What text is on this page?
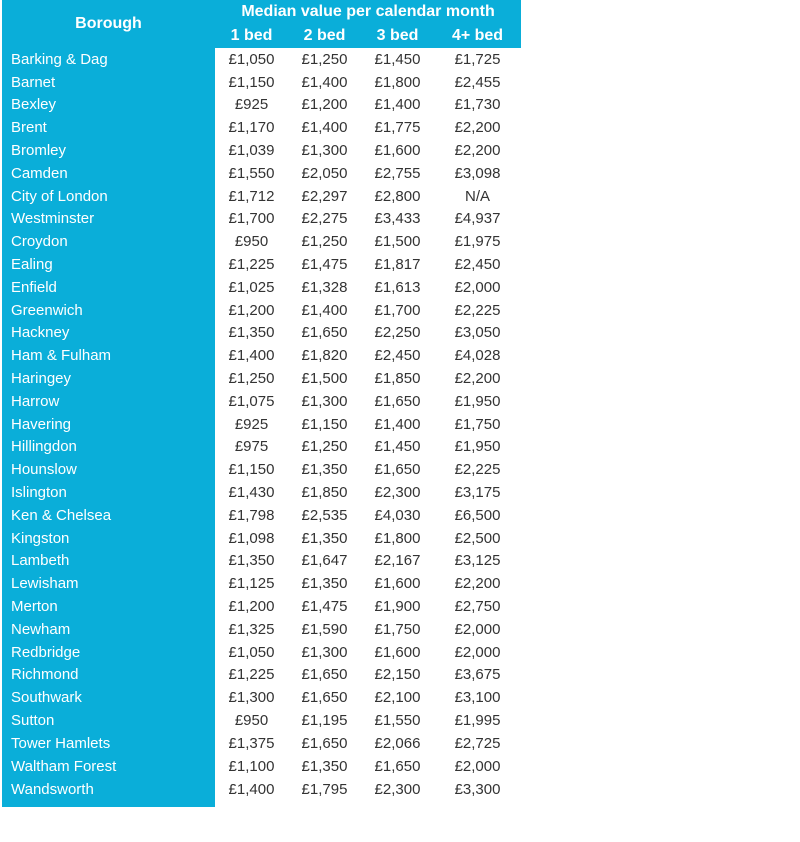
Borough	Median value per calendar month			
	1 bed	2 bed	3 bed	4+ bed
Barking & Dag	£1,050	£1,250	£1,450	£1,725
Barnet	£1,150	£1,400	£1,800	£2,455
Bexley	£925	£1,200	£1,400	£1,730
Brent	£1,170	£1,400	£1,775	£2,200
Bromley	£1,039	£1,300	£1,600	£2,200
Camden	£1,550	£2,050	£2,755	£3,098
City of London	£1,712	£2,297	£2,800	N/A
Westminster	£1,700	£2,275	£3,433	£4,937
Croydon	£950	£1,250	£1,500	£1,975
Ealing	£1,225	£1,475	£1,817	£2,450
Enfield	£1,025	£1,328	£1,613	£2,000
Greenwich	£1,200	£1,400	£1,700	£2,225
Hackney	£1,350	£1,650	£2,250	£3,050
Ham & Fulham	£1,400	£1,820	£2,450	£4,028
Haringey	£1,250	£1,500	£1,850	£2,200
Harrow	£1,075	£1,300	£1,650	£1,950
Havering	£925	£1,150	£1,400	£1,750
Hillingdon	£975	£1,250	£1,450	£1,950
Hounslow	£1,150	£1,350	£1,650	£2,225
Islington	£1,430	£1,850	£2,300	£3,175
Ken & Chelsea	£1,798	£2,535	£4,030	£6,500
Kingston	£1,098	£1,350	£1,800	£2,500
Lambeth	£1,350	£1,647	£2,167	£3,125
Lewisham	£1,125	£1,350	£1,600	£2,200
Merton	£1,200	£1,475	£1,900	£2,750
Newham	£1,325	£1,590	£1,750	£2,000
Redbridge	£1,050	£1,300	£1,600	£2,000
Richmond	£1,225	£1,650	£2,150	£3,675
Southwark	£1,300	£1,650	£2,100	£3,100
Sutton	£950	£1,195	£1,550	£1,995
Tower Hamlets	£1,375	£1,650	£2,066	£2,725
Waltham Forest	£1,100	£1,350	£1,650	£2,000
Wandsworth	£1,400	£1,795	£2,300	£3,300
